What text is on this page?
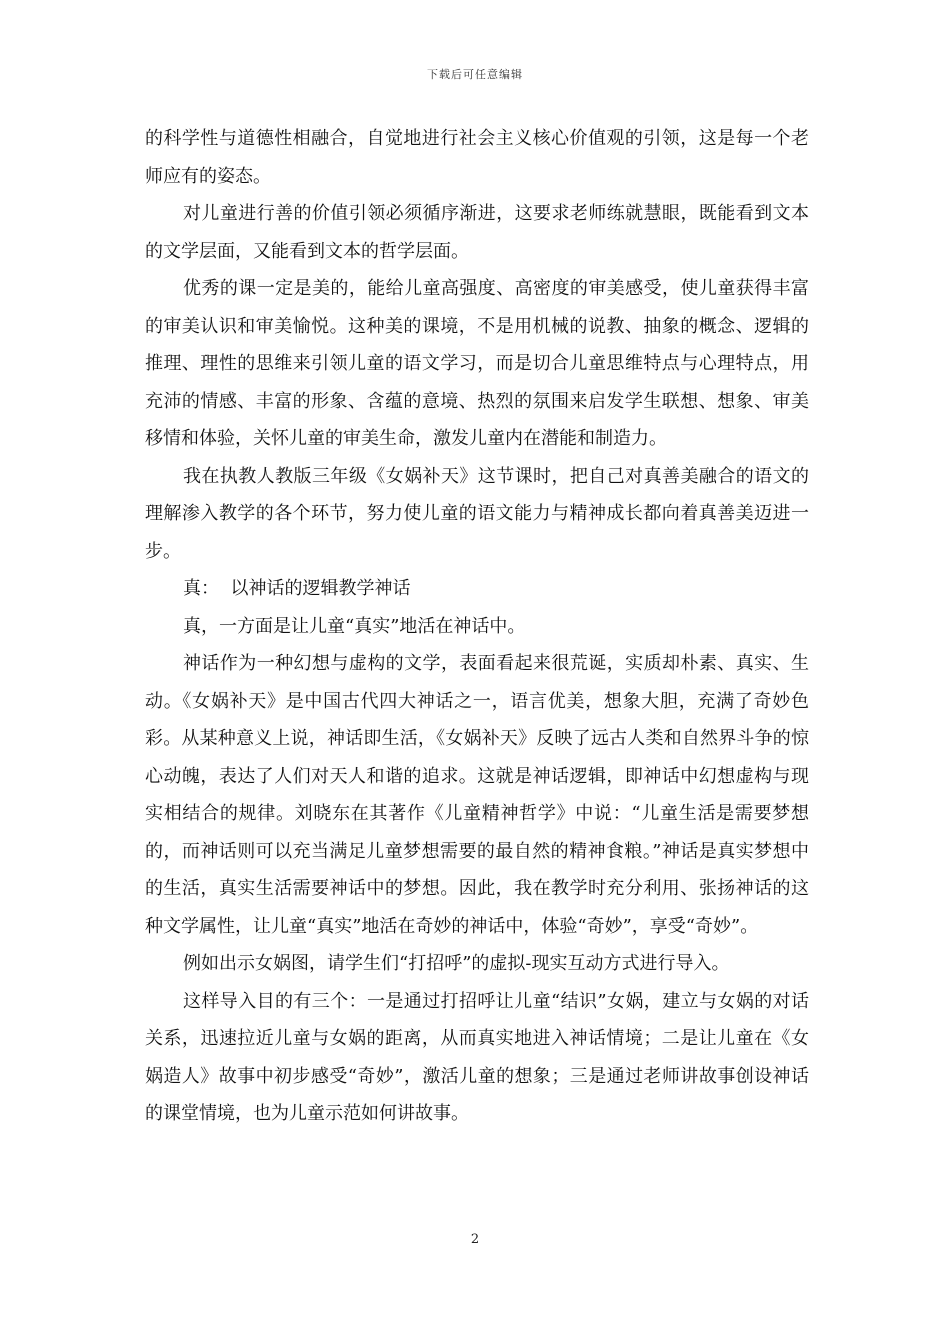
下载后可任意编辑

的科学性与道德性相融合，自觉地进行社会主义核心价值观的引领，这是每一个老师应有的姿态。

对儿童进行善的价值引领必须循序渐进，这要求老师练就慧眼，既能看到文本的文学层面，又能看到文本的哲学层面。

优秀的课一定是美的，能给儿童高强度、高密度的审美感受，使儿童获得丰富的审美认识和审美愉悦。这种美的课境，不是用机械的说教、抽象的概念、逻辑的推理、理性的思维来引领儿童的语文学习，而是切合儿童思维特点与心理特点，用充沛的情感、丰富的形象、含蕴的意境、热烈的氛围来启发学生联想、想象、审美移情和体验，关怀儿童的审美生命，激发儿童内在潜能和制造力。

我在执教人教版三年级《女娲补天》这节课时，把自己对真善美融合的语文的理解渗入教学的各个环节，努力使儿童的语文能力与精神成长都向着真善美迈进一步。

真：  以神话的逻辑教学神话

真，一方面是让儿童“真实”地活在神话中。

神话作为一种幻想与虚构的文学，表面看起来很荒诞，实质却朴素、真实、生动。《女娲补天》是中国古代四大神话之一，语言优美，想象大胆，充满了奇妙色彩。从某种意义上说，神话即生活，《女娲补天》反映了远古人类和自然界斗争的惊心动魄，表达了人们对天人和谐的追求。这就是神话逻辑，即神话中幻想虚构与现实相结合的规律。刘晓东在其著作《儿童精神哲学》中说：“儿童生活是需要梦想的，而神话则可以充当满足儿童梦想需要的最自然的精神食粮。”神话是真实梦想中的生活，真实生活需要神话中的梦想。因此，我在教学时充分利用、张扬神话的这种文学属性，让儿童“真实”地活在奇妙的神话中，体验“奇妙”，享受“奇妙”。

例如出示女娲图，请学生们“打招呼”的虚拟-现实互动方式进行导入。

这样导入目的有三个：一是通过打招呼让儿童“结识”女娲，建立与女娲的对话关系，迅速拉近儿童与女娲的距离，从而真实地进入神话情境；二是让儿童在《女娲造人》故事中初步感受“奇妙”，激活儿童的想象；三是通过老师讲故事创设神话的课堂情境，也为儿童示范如何讲故事。

2
